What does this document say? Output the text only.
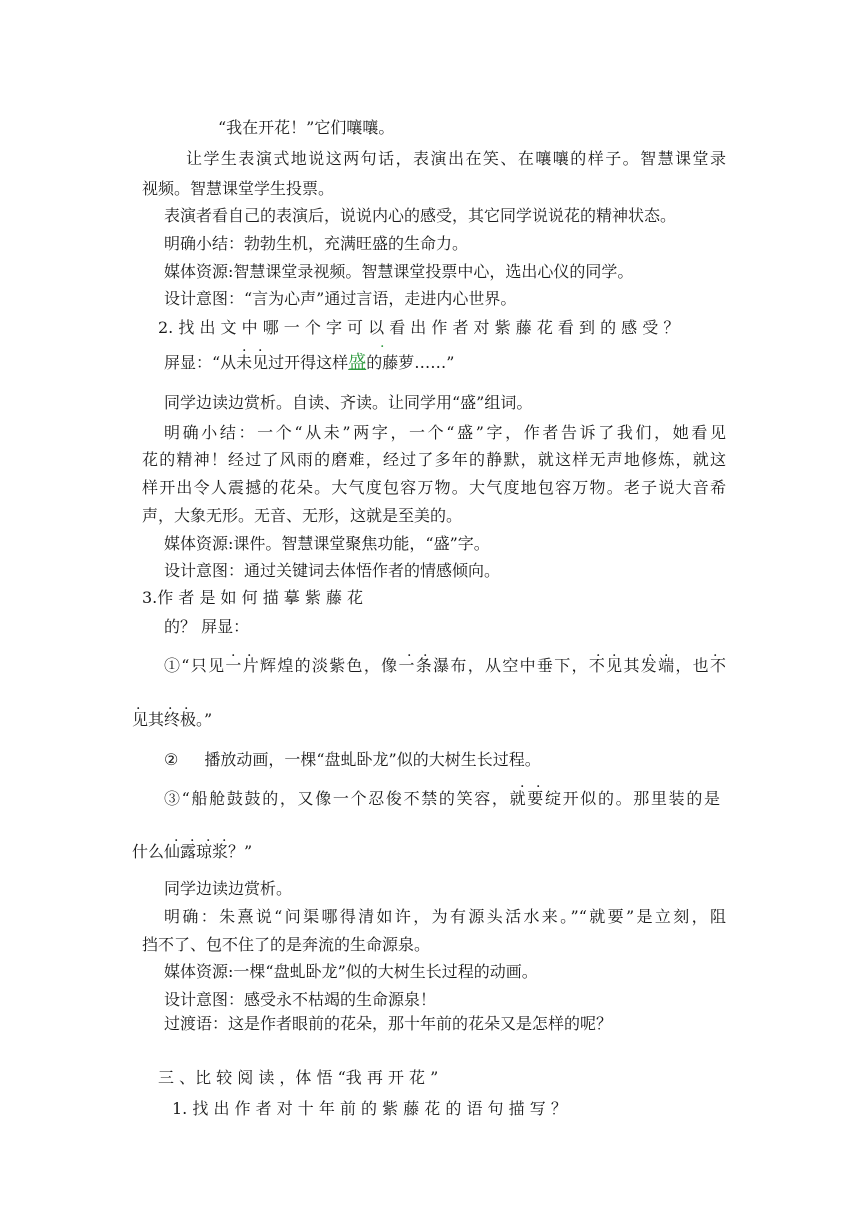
“我在开花！”它们嚷嚷。
让学生表演式地说这两句话，表演出在笑、在嚷嚷的样子。智慧课堂录
视频。智慧课堂学生投票。
表演者看自己的表演后，说说内心的感受，其它同学说说花的精神状态。
明确小结：勃勃生机，充满旺盛的生命力。
媒体资源:智慧课堂录视频。智慧课堂投票中心，选出心仪的同学。
设计意图：“言为心声”通过言语，走进内心世界。
2. 找 出 文 中 哪 一 个 字 可 以 看 出 作 者 对 紫 藤 花 看 到 的 感 受 ？
. .	.
屏显：“从未见过开得这样盛的藤萝……”
同学边读边赏析。自读、齐读。让同学用“盛”组词。
明确小结：一个“从未”两字，一个“盛”字，作者告诉了我们，她看见
花的精神！经过了风雨的磨难，经过了多年的静默，就这样无声地修炼，就这
样开出令人震撼的花朵。大气度包容万物。大气度地包容万物。老子说大音希
声，大象无形。无音、无形，这就是至美的。
媒体资源:课件。智慧课堂聚焦功能，“盛”字。
设计意图：通过关键词去体悟作者的情感倾向。
3.作 者 是 如 何 描 摹 紫 藤 花
的？ 屏显：
. .	. .	. . . .	.
①“只见一片辉煌的淡紫色，像一条瀑布，从空中垂下，不见其发端，也不
. . .
见其终极。”
② 播放动画，一棵“盘虬卧龙”似的大树生长过程。
. .
③“船舱鼓鼓的，又像一个忍俊不禁的笑容，就要绽开似的。那里装的是
. . . .
什么仙露琼浆？”
同学边读边赏析。
明确：朱熹说“问渠哪得清如许，为有源头活水来。”“就要”是立刻，阻
挡不了、包不住了的是奔流的生命源泉。
媒体资源:一棵“盘虬卧龙”似的大树生长过程的动画。
设计意图：感受永不枯竭的生命源泉！
过渡语：这是作者眼前的花朵，那十年前的花朵又是怎样的呢？
三 、比 较 阅 读 ，体 悟 “我 再 开 花 ”
1. 找 出 作 者 对 十 年 前 的 紫 藤 花 的 语 句 描 写 ？
